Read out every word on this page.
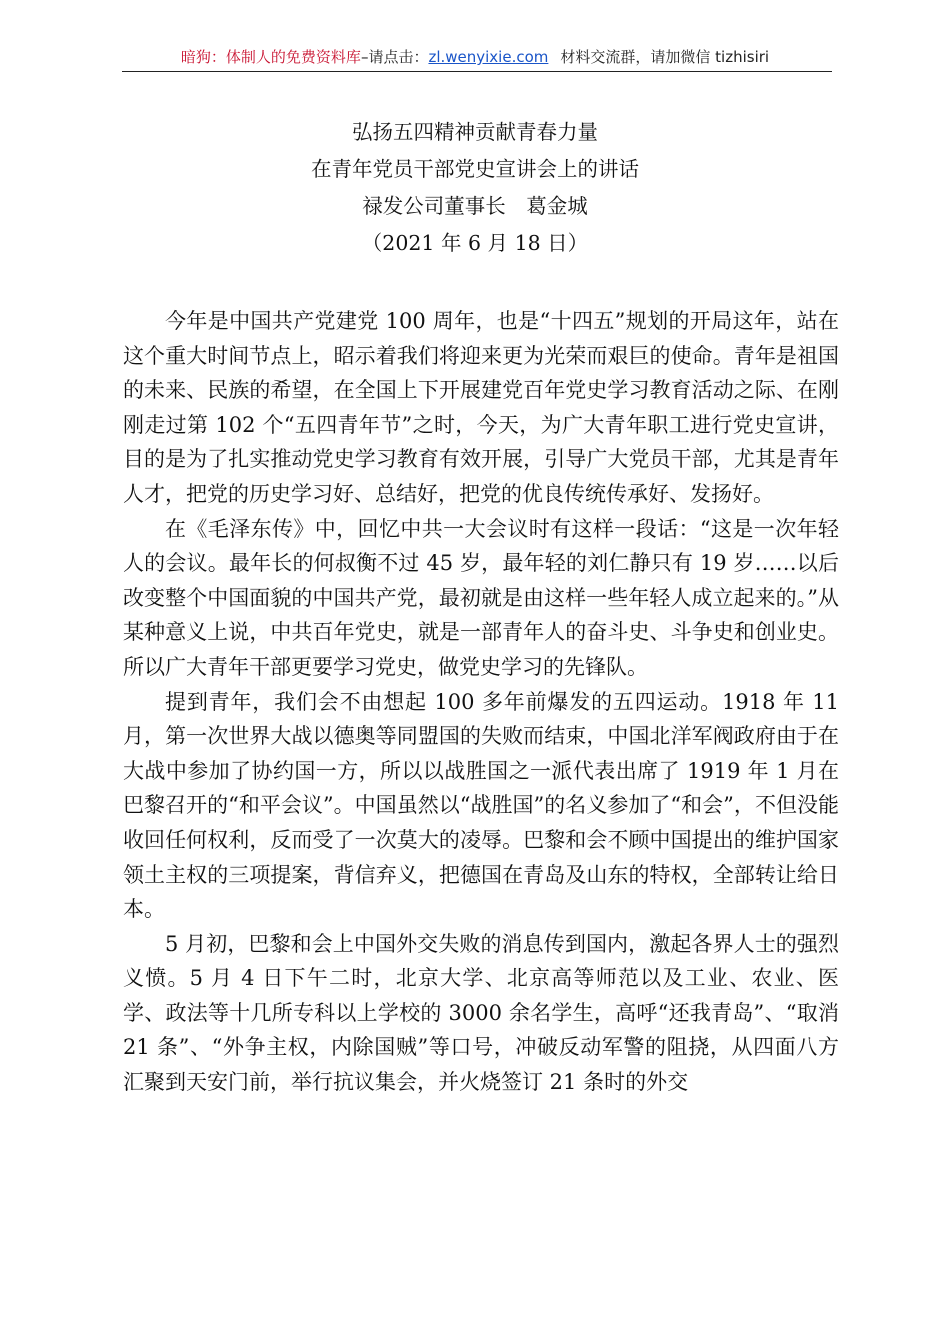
暗狗：体制人的免费资料库–请点击：zl.wenyixie.com 材料交流群，请加微信 tizhisiri
弘扬五四精神贡献青春力量
在青年党员干部党史宣讲会上的讲话
禄发公司董事长　葛金城
（2021 年 6 月 18 日）

今年是中国共产党建党 100 周年，也是“十四五”规划的开局这年，站在这个重大时间节点上，昭示着我们将迎来更为光荣而艰巨的使命。青年是祖国的未来、民族的希望，在全国上下开展建党百年党史学习教育活动之际、在刚刚走过第 102 个“五四青年节”之时，今天，为广大青年职工进行党史宣讲，目的是为了扎实推动党史学习教育有效开展，引导广大党员干部，尤其是青年人才，把党的历史学习好、总结好，把党的优良传统传承好、发扬好。

在《毛泽东传》中，回忆中共一大会议时有这样一段话：“这是一次年轻人的会议。最年长的何叔衡不过 45 岁，最年轻的刘仁静只有 19 岁……以后改变整个中国面貌的中国共产党，最初就是由这样一些年轻人成立起来的。”从某种意义上说，中共百年党史，就是一部青年人的奋斗史、斗争史和创业史。所以广大青年干部更要学习党史，做党史学习的先锋队。

提到青年，我们会不由想起 100 多年前爆发的五四运动。1918 年 11 月，第一次世界大战以德奥等同盟国的失败而结束，中国北洋军阀政府由于在大战中参加了协约国一方，所以以战胜国之一派代表出席了 1919 年 1 月在巴黎召开的“和平会议”。中国虽然以“战胜国”的名义参加了“和会”，不但没能收回任何权利，反而受了一次莫大的凌辱。巴黎和会不顾中国提出的维护国家领土主权的三项提案，背信弃义，把德国在青岛及山东的特权，全部转让给日本。

5 月初，巴黎和会上中国外交失败的消息传到国内，激起各界人士的强烈义愤。5 月 4 日下午二时，北京大学、北京高等师范以及工业、农业、医学、政法等十几所专科以上学校的 3000 余名学生，高呼“还我青岛”、“取消 21 条”、“外争主权，内除国贼”等口号，冲破反动军警的阻挠，从四面八方汇聚到天安门前，举行抗议集会，并火烧签订 21 条时的外交
